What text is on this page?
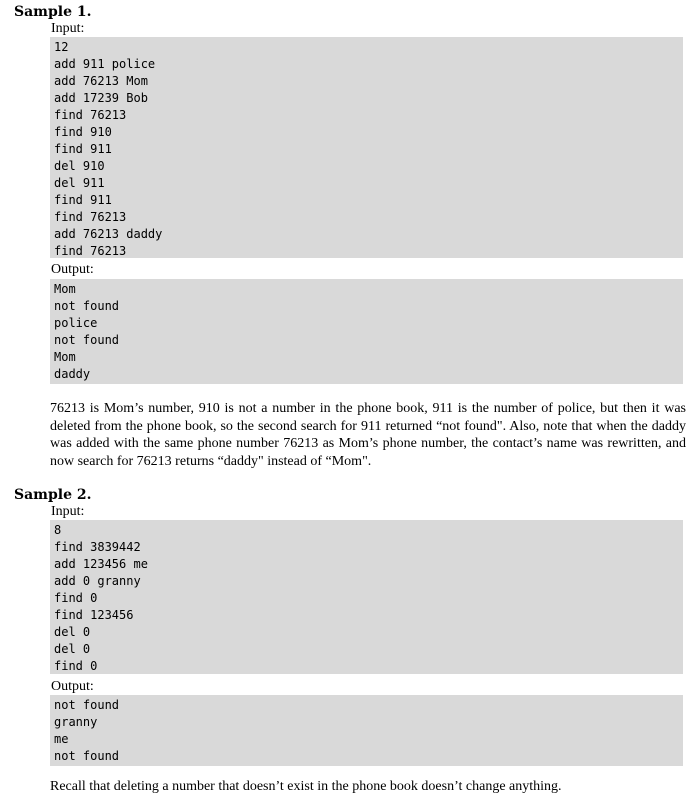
Sample 1.
Input:
12
add 911 police
add 76213 Mom
add 17239 Bob
find 76213
find 910
find 911
del 910
del 911
find 911
find 76213
add 76213 daddy
find 76213
Output:
Mom
not found
police
not found
Mom
daddy
76213 is Mom’s number, 910 is not a number in the phone book, 911 is the number of police, but then it was deleted from the phone book, so the second search for 911 returned “not found". Also, note that when the daddy was added with the same phone number 76213 as Mom’s phone number, the contact’s name was rewritten, and now search for 76213 returns “daddy" instead of “Mom".
Sample 2.
Input:
8
find 3839442
add 123456 me
add 0 granny
find 0
find 123456
del 0
del 0
find 0
Output:
not found
granny
me
not found
Recall that deleting a number that doesn’t exist in the phone book doesn’t change anything.
